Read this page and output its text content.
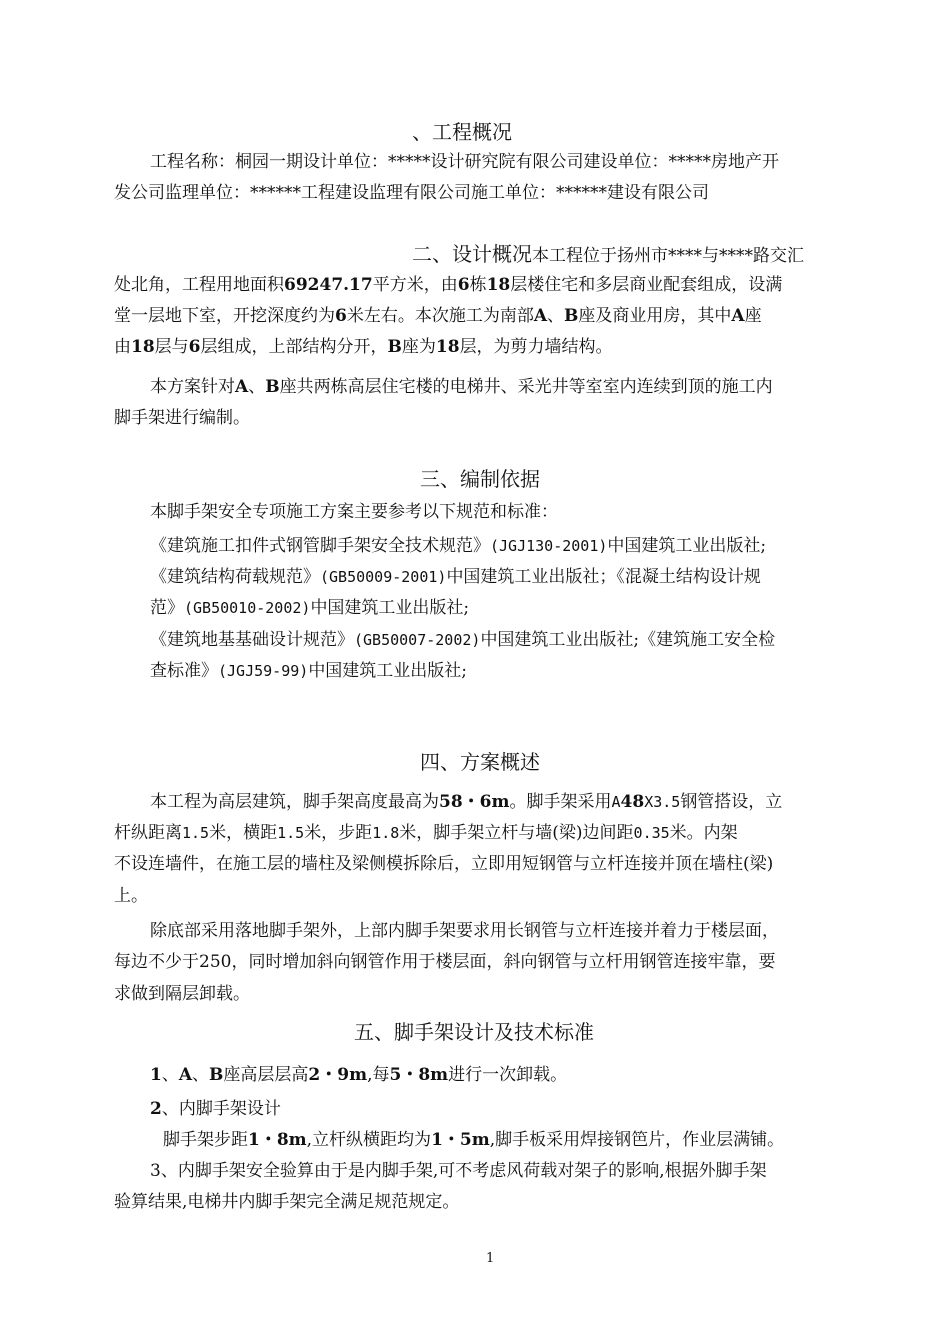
、工程概况
工程名称：桐园一期设计单位：*****设计研究院有限公司建设单位：*****房地产开
发公司监理单位：******工程建设监理有限公司施工单位：******建设有限公司
二、设计概况本工程位于扬州市****与****路交汇
处北角，工程用地面积69247.17平方米，由6栋18层楼住宅和多层商业配套组成，设满
堂一层地下室，开挖深度约为6米左右。本次施工为南部A、B座及商业用房，其中A座
由18层与6层组成，上部结构分开，B座为18层，为剪力墙结构。
本方案针对A、B座共两栋高层住宅楼的电梯井、采光井等室室内连续到顶的施工内
脚手架进行编制。
三、编制依据
本脚手架安全专项施工方案主要参考以下规范和标准：
《建筑施工扣件式钢管脚手架安全技术规范》(JGJ130-2001)中国建筑工业出版社;
《建筑结构荷载规范》(GB50009-2001)中国建筑工业出版社；《混凝土结构设计规
范》(GB50010-2002)中国建筑工业出版社;
《建筑地基基础设计规范》(GB50007-2002)中国建筑工业出版社;《建筑施工安全检
查标准》(JGJ59-99)中国建筑工业出版社;
四、方案概述
本工程为高层建筑，脚手架高度最高为58・6m。脚手架采用A48X3.5钢管搭设，立
杆纵距离1.5米，横距1.5米，步距1.8米，脚手架立杆与墙(梁)边间距0.35米。内架
不设连墙件，在施工层的墙柱及梁侧模拆除后，立即用短钢管与立杆连接并顶在墙柱(梁)
上。
除底部采用落地脚手架外，上部内脚手架要求用长钢管与立杆连接并着力于楼层面，
每边不少于250，同时增加斜向钢管作用于楼层面，斜向钢管与立杆用钢管连接牢靠，要
求做到隔层卸载。
五、脚手架设计及技术标准
1、A、B座高层层高2・9m,每5・8m进行一次卸载。
2、内脚手架设计
脚手架步距1・8m,立杆纵横距均为1・5m,脚手板采用焊接钢笆片，作业层满铺。
3、内脚手架安全验算由于是内脚手架,可不考虑风荷载对架子的影响,根据外脚手架
验算结果,电梯井内脚手架完全满足规范规定。
1
